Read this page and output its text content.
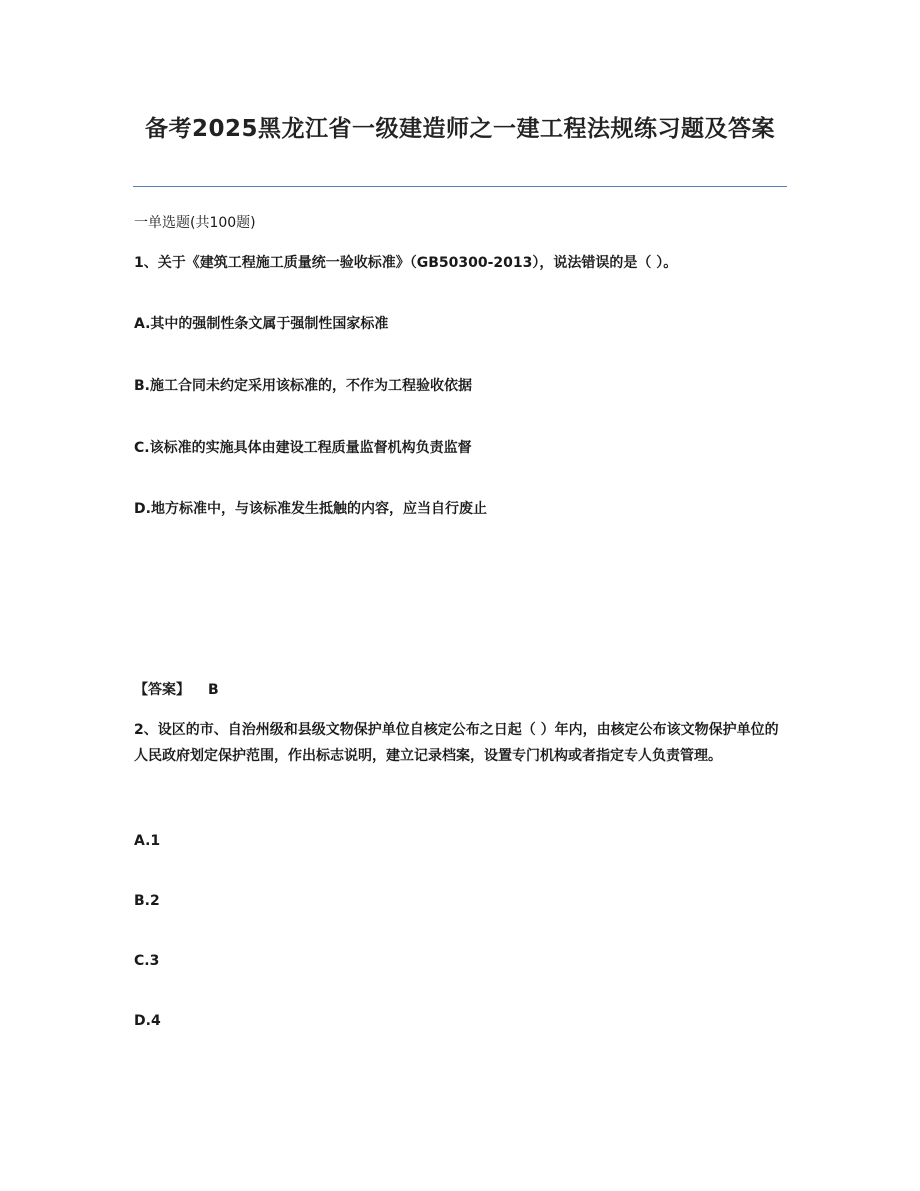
备考2025黑龙江省一级建造师之一建工程法规练习题及答案
一单选题(共100题)
1、关于《建筑工程施工质量统一验收标准》（GB50300-2013），说法错误的是（ ）。
A.其中的强制性条文属于强制性国家标准
B.施工合同未约定采用该标准的，不作为工程验收依据
C.该标准的实施具体由建设工程质量监督机构负责监督
D.地方标准中，与该标准发生抵触的内容，应当自行废止
【答案】 B
2、设区的市、自治州级和县级文物保护单位自核定公布之日起（ ）年内，由核定公布该文物保护单位的人民政府划定保护范围，作出标志说明，建立记录档案，设置专门机构或者指定专人负责管理。
A.1
B.2
C.3
D.4
